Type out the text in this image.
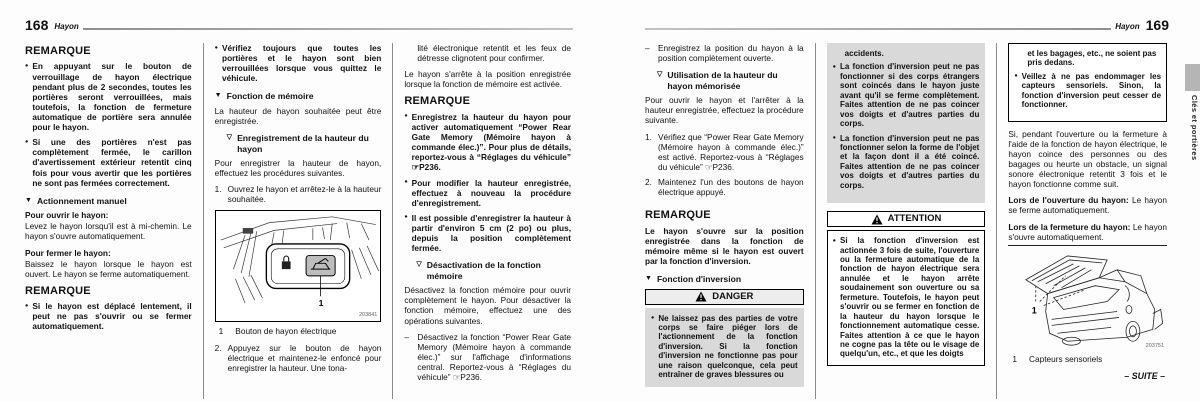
168 Hayon
REMARQUE
● En appuyant sur le bouton de verrouillage de hayon électrique pendant plus de 2 secondes, toutes les portières seront verrouillées, mais toutefois, la fonction de fermeture automatique de portière sera annulée pour le hayon.
● Si une des portières n'est pas complètement fermée, le carillon d'avertissement extérieur retentit cinq fois pour vous avertir que les portières ne sont pas fermées correctement.
▼ Actionnement manuel

Pour ouvrir le hayon:

Levez le hayon lorsqu'il est à mi-chemin. Le hayon s'ouvre automatiquement.

Pour fermer le hayon:

Baissez le hayon lorsque le hayon est ouvert. Le hayon se ferme automatiquement.

REMARQUE
● Si le hayon est déplacé lentement, il peut ne pas s'ouvrir ou se fermer automatiquement.
● Vérifiez toujours que toutes les portières et le hayon sont bien verrouillées lorsque vous quittez le véhicule.
▼ Fonction de mémoire

La hauteur de hayon souhaitée peut être enregistrée.

▽ Enregistrement de la hauteur du hayon

Pour enregistrer la hauteur de hayon, effectuez les procédures suivantes.

1. Ouvrez le hayon et arrêtez-le à la hauteur souhaitée.
1
203841
1 Bouton de hayon électrique
2. Appuyez sur le bouton de hayon électrique et maintenez-le enfoncé pour enregistrer la hauteur. Une tona-

lité électronique retentit et les feux de détresse clignotent pour confirmer.

Le hayon s'arrête à la position enregistrée lorsque la fonction de mémoire est activée.

REMARQUE
● Enregistrez la hauteur du hayon pour activer automatiquement “Power Rear Gate Memory (Mémoire hayon à commande élec.)”. Pour plus de détails, reportez-vous à “Réglages du véhicule” ☞P236.
● Pour modifier la hauteur enregistrée, effectuez à nouveau la procédure d'enregistrement.
● Il est possible d'enregistrer la hauteur à partir d'environ 5 cm (2 po) ou plus, depuis la position complètement fermée.
▽ Désactivation de la fonction mémoire

Désactivez la fonction mémoire pour ouvrir complètement le hayon. Pour désactiver la fonction mémoire, effectuez une des opérations suivantes.

–	Désactivez la fonction “Power Rear Gate Memory (Mémoire hayon à commande élec.)” sur l'affichage d'informations central. Reportez-vous à “Réglages du véhicule” ☞P236.
Hayon 169
–	Enregistrez la position du hayon à la position complètement ouverte.
▽ Utilisation de la hauteur du hayon mémorisée

Pour ouvrir le hayon et l'arrêter à la hauteur enregistrée, effectuez la procédure suivante.

1. Vérifiez que “Power Rear Gate Memory (Mémoire hayon à commande élec.)” est activé. Reportez-vous à “Réglages du véhicule” ☞P236.
2. Maintenez l'un des boutons de hayon électrique appuyé.
REMARQUE

Le hayon s'ouvre sur la position enregistrée dans la fonction de mémoire même si le hayon est ouvert par la fonction d'inversion.

▼ Fonction d'inversion
DANGER
● Ne laissez pas des parties de votre corps se faire piéger lors de l'actionnement de la fonction d'inversion. Si la fonction d'inversion ne fonctionne pas pour une raison quelconque, cela peut entraîner de graves blessures ou
accidents.
● La fonction d'inversion peut ne pas fonctionner si des corps étrangers sont coincés dans le hayon juste avant qu'il se ferme complètement. Faites attention de ne pas coincer vos doigts et d'autres parties du corps.
● La fonction d'inversion peut ne pas fonctionner selon la forme de l'objet et la façon dont il a été coincé. Faites attention de ne pas coincer vos doigts et d'autres parties du corps.
ATTENTION
● Si la fonction d'inversion est actionnée 3 fois de suite, l'ouverture ou la fermeture automatique de la fonction de hayon électrique sera annulée et le hayon arrête soudainement son ouverture ou sa fermeture. Toutefois, le hayon peut s'ouvrir ou se fermer en fonction de la hauteur du hayon lorsque le fonctionnement automatique cesse. Faites attention à ce que le hayon ne cogne pas la tête ou le visage de quelqu'un, etc., et que les doigts
et les bagages, etc., ne soient pas pris dedans.
● Veillez à ne pas endommager les capteurs sensoriels. Sinon, la fonction d'inversion peut cesser de fonctionner.

Si, pendant l'ouverture ou la fermeture à l'aide de la fonction de hayon électrique, le hayon coince des personnes ou des bagages ou heurte un obstacle, un signal sonore électronique retentit 3 fois et le hayon fonctionne comme suit.

Lors de l'ouverture du hayon: Le hayon se ferme automatiquement.

Lors de la fermeture du hayon: Le hayon s'ouvre automatiquement.

1
203751
1 Capteurs sensoriels
– SUITE –
Clés et portières
